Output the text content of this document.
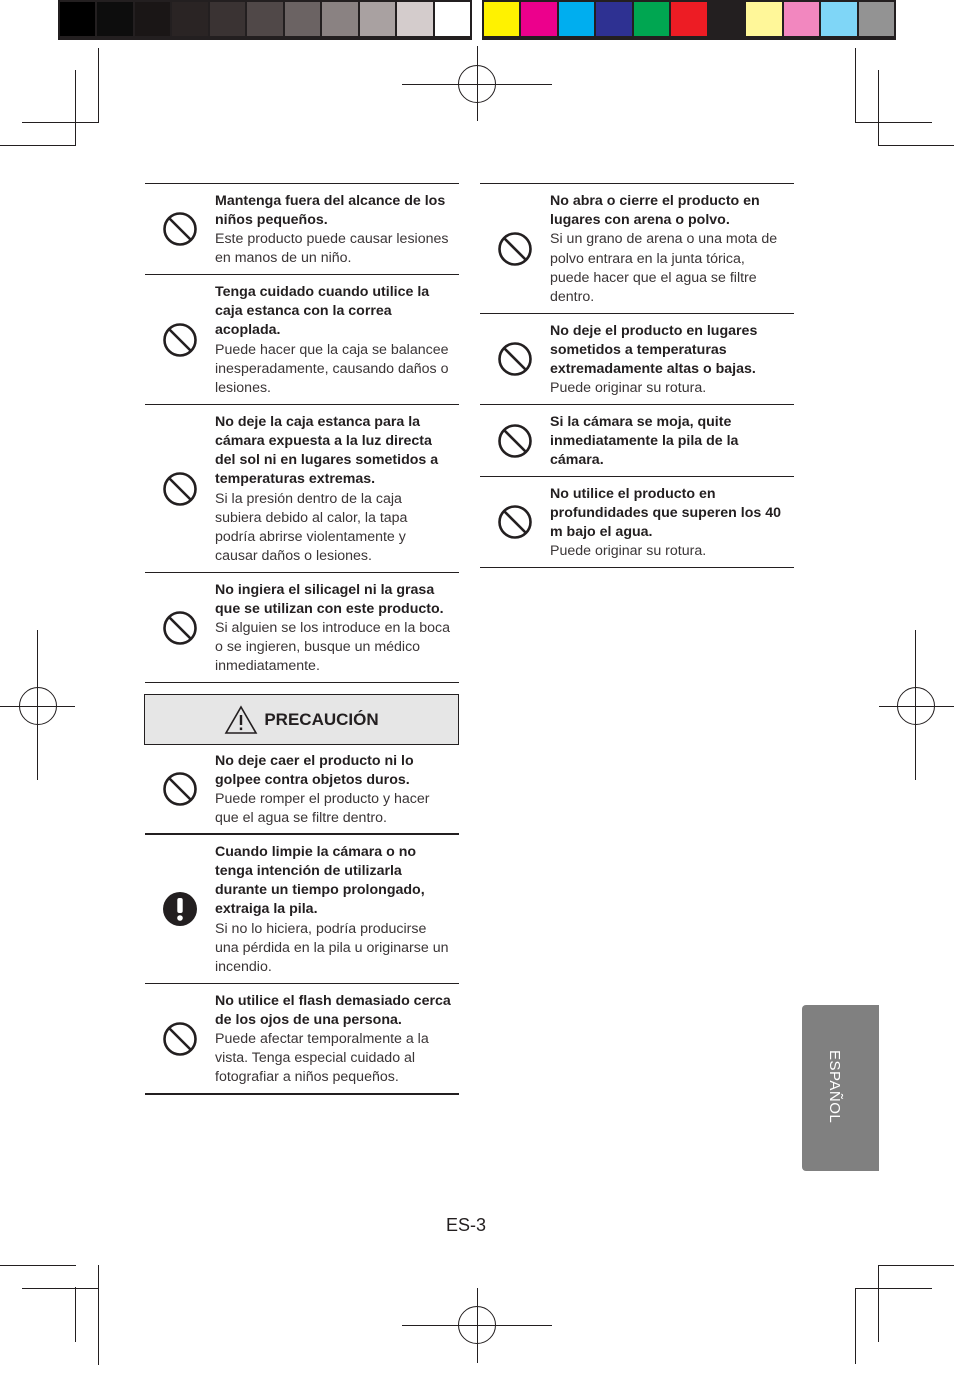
Mantenga fuera del alcance de los niños pequeños.
Este producto puede causar lesiones en manos de un niño.
Tenga cuidado cuando utilice la caja estanca con la correa acoplada.
Puede hacer que la caja se balancee inesperadamente, causando daños o lesiones.
No deje la caja estanca para la cámara expuesta a la luz directa del sol ni en lugares sometidos a temperaturas extremas.
Si la presión dentro de la caja subiera debido al calor, la tapa podría abrirse violentamente y causar daños o lesiones.
No ingiera el silicagel ni la grasa que se utilizan con este producto.
Si alguien se los introduce en la boca o se ingieren, busque un médico inmediatamente.
PRECAUCIÓN
No deje caer el producto ni lo golpee contra objetos duros.
Puede romper el producto y hacer que el agua se filtre dentro.
Cuando limpie la cámara o no tenga intención de utilizarla durante un tiempo prolongado, extraiga la pila.
Si no lo hiciera, podría producirse una pérdida en la pila u originarse un incendio.
No utilice el flash demasiado cerca de los ojos de una persona.
Puede afectar temporalmente a la vista. Tenga especial cuidado al fotografiar a niños pequeños.
No abra o cierre el producto en lugares con arena o polvo.
Si un grano de arena o una mota de polvo entrara en la junta tórica, puede hacer que el agua se filtre dentro.
No deje el producto en lugares sometidos a temperaturas extremadamente altas o bajas.
Puede originar su rotura.
Si la cámara se moja, quite inmediatamente la pila de la cámara.
No utilice el producto en profundidades que superen los 40 m bajo el agua.
Puede originar su rotura.
ESPAÑOL
ES-3
